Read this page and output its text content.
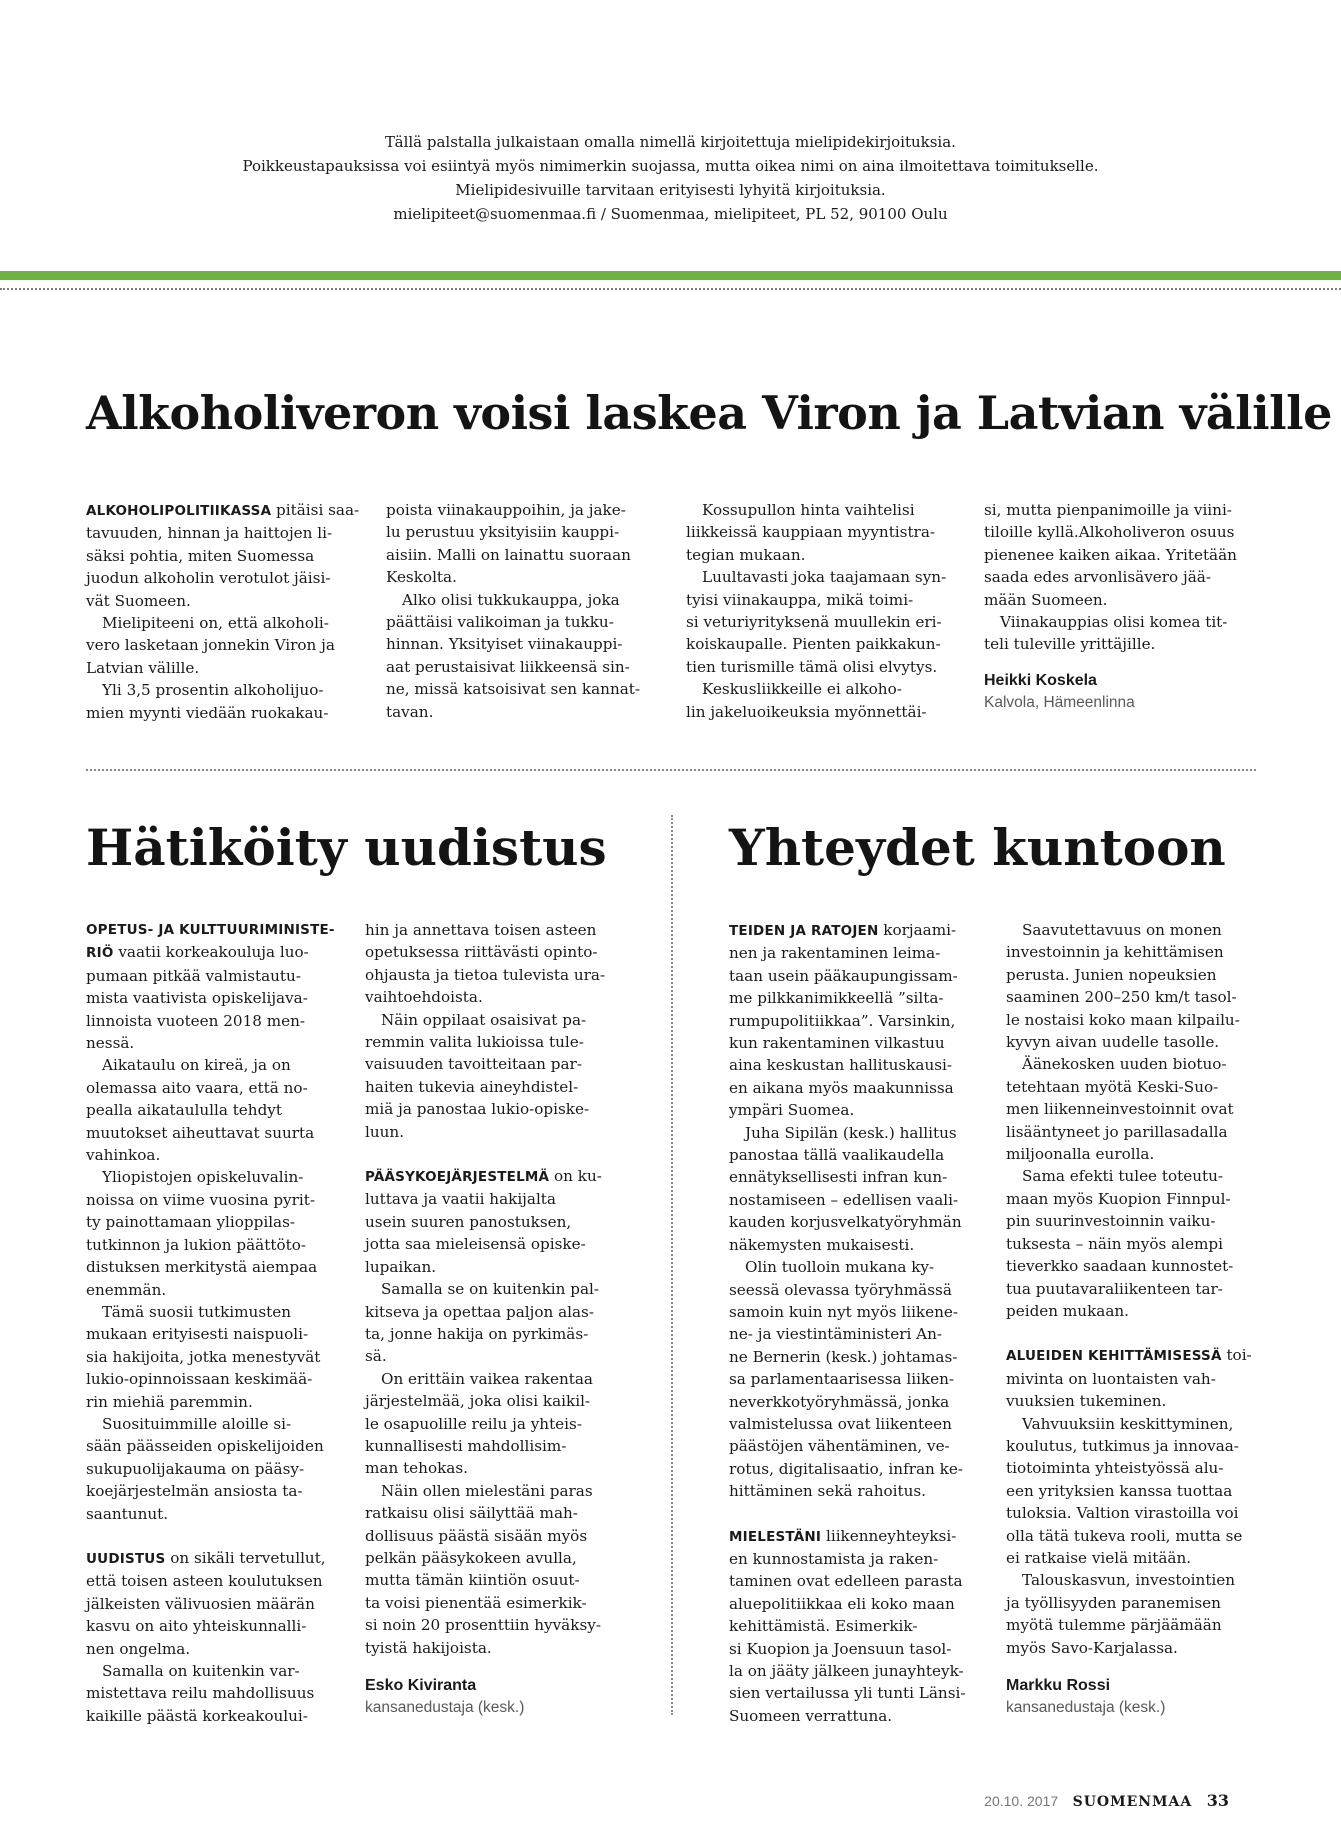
Tällä palstalla julkaistaan omalla nimellä kirjoitettuja mielipidekirjoituksia.
Poikkeustapauksissa voi esiintyä myös nimimerkin suojassa, mutta oikea nimi on aina ilmoitettava toimitukselle.
Mielipidesivuille tarvitaan erityisesti lyhyitä kirjoituksia.
mielipiteet@suomenmaa.fi / Suomenmaa, mielipiteet, PL 52, 90100 Oulu
Alkoholiveron voisi laskea Viron ja Latvian välille
ALKOHOLIPOLITIIKASSA pitäisi saa-
tavuuden, hinnan ja haittojen li-
säksi pohtia, miten Suomessa
juodun alkoholin verotulot jäisi-
vät Suomeen.
Mielipiteeni on, että alkoholi-
vero lasketaan jonnekin Viron ja
Latvian välille.
Yli 3,5 prosentin alkoholijuo-
mien myynti viedään ruokakau-
poista viinakauppoihin, ja jake-
lu perustuu yksityisiin kauppi-
aisiin. Malli on lainattu suoraan
Keskolta.
Alko olisi tukkukauppa, joka
päättäisi valikoiman ja tukku-
hinnan. Yksityiset viinakauppi-
aat perustaisivat liikkeensä sin-
ne, missä katsoisivat sen kannat-
tavan.
Kossupullon hinta vaihtelisi
liikkeissä kauppiaan myyntistra-
tegian mukaan.
Luultavasti joka taajamaan syn-
tyisi viinakauppa, mikä toimi-
si veturiyrityksenä muullekin eri-
koiskaupalle. Pienten paikkakun-
tien turismille tämä olisi elvytys.
Keskusliikkeille ei alkoho-
lin jakeluoikeuksia myönnettäi-
si, mutta pienpanimoille ja viini-
tiloille kyllä.Alkoholiveron osuus
pienenee kaiken aikaa. Yritetään
saada edes arvonlisävero jää-
mään Suomeen.
Viinakauppias olisi komea tit-
teli tuleville yrittäjille.
Heikki Koskela
Kalvola, Hämeenlinna
Hätiköity uudistus
OPETUS- JA KULTTUURIMINISTE-
RIÖ vaatii korkeakouluja luo-
pumaan pitkää valmistautu-
mista vaativista opiskelijava-
linnoista vuoteen 2018 men-
nessä.
Aikataulu on kireä, ja on
olemassa aito vaara, että no-
pealla aikataululla tehdyt
muutokset aiheuttavat suurta
vahinkoa.
Yliopistojen opiskeluvalin-
noissa on viime vuosina pyrit-
ty painottamaan ylioppilas-
tutkinnon ja lukion päättöto-
distuksen merkitystä aiempaa
enemmän.
Tämä suosii tutkimusten
mukaan erityisesti naispuoli-
sia hakijoita, jotka menestyvät
lukio-opinnoissaan keskimää-
rin miehiä paremmin.
Suosituimmille aloille si-
sään päässeiden opiskelijoiden
sukupuolijakauma on pääsy-
koejärjestelmän ansiosta ta-
saantunut.
UUDISTUS on sikäli tervetullut,
että toisen asteen koulutuksen
jälkeisten välivuosien määrän
kasvu on aito yhteiskunnalli-
nen ongelma.
Samalla on kuitenkin var-
mistettava reilu mahdollisuus
kaikille päästä korkeakoului-
hin ja annettava toisen asteen
opetuksessa riittävästi opinto-
ohjausta ja tietoa tulevista ura-
vaihtoehdoista.
Näin oppilaat osaisivat pa-
remmin valita lukioissa tule-
vaisuuden tavoitteitaan par-
haiten tukevia aineyhdistel-
miä ja panostaa lukio-opiske-
luun.
PÄÄSYKOEJÄRJESTELMÄ on ku-
luttava ja vaatii hakijalta
usein suuren panostuksen,
jotta saa mieleisensä opiske-
lupaikan.
Samalla se on kuitenkin pal-
kitseva ja opettaa paljon alas-
ta, jonne hakija on pyrkimäs-
sä.
On erittäin vaikea rakentaa
järjestelmää, joka olisi kaikil-
le osapuolille reilu ja yhteis-
kunnallisesti mahdollisim-
man tehokas.
Näin ollen mielestäni paras
ratkaisu olisi säilyttää mah-
dollisuus päästä sisään myös
pelkän pääsykokeen avulla,
mutta tämän kiintiön osuut-
ta voisi pienentää esimerkik-
si noin 20 prosenttiin hyväksy-
tyistä hakijoista.
Esko Kiviranta
kansanedustaja (kesk.)
Yhteydet kuntoon
TEIDEN JA RATOJEN korjaami-
nen ja rakentaminen leima-
taan usein pääkaupungissam-
me pilkkanimikkeellä ”silta-
rumpupolitiikkaa”. Varsinkin,
kun rakentaminen vilkastuu
aina keskustan hallituskausi-
en aikana myös maakunnissa
ympäri Suomea.
Juha Sipilän (kesk.) hallitus
panostaa tällä vaalikaudella
ennätyksellisesti infran kun-
nostamiseen – edellisen vaali-
kauden korjusvelkatyöryhmän
näkemysten mukaisesti.
Olin tuolloin mukana ky-
seessä olevassa työryhmässä
samoin kuin nyt myös liikene-
ne- ja viestintäministeri An-
ne Bernerin (kesk.) johtamas-
sa parlamentaarisessa liiken-
neverkkotyöryhmässä, jonka
valmistelussa ovat liikenteen
päästöjen vähentäminen, ve-
rotus, digitalisaatio, infran ke-
hittäminen sekä rahoitus.
MIELESTÄNI liikenneyhteyksi-
en kunnostamista ja raken-
taminen ovat edelleen parasta
aluepolitiikkaa eli koko maan
kehittämistä. Esimerkik-
si Kuopion ja Joensuun tasol-
la on jääty jälkeen junayhteyk-
sien vertailussa yli tunti Länsi-
Suomeen verrattuna.
Saavutettavuus on monen
investoinnin ja kehittämisen
perusta. Junien nopeuksien
saaminen 200–250 km/t tasol-
le nostaisi koko maan kilpailu-
kyvyn aivan uudelle tasolle.
Äänekosken uuden biotuo-
tetehtaan myötä Keski-Suo-
men liikenneinvestoinnit ovat
lisääntyneet jo parillasadalla
miljoonalla eurolla.
Sama efekti tulee toteutu-
maan myös Kuopion Finnpul-
pin suurinvestoinnin vaiku-
tuksesta – näin myös alempi
tieverkko saadaan kunnostet-
tua puutavaraliikenteen tar-
peiden mukaan.
ALUEIDEN KEHITTÄMISESSÄ toi-
mivinta on luontaisten vah-
vuuksien tukeminen.
Vahvuuksiin keskittyminen,
koulutus, tutkimus ja innovaa-
tiotoiminta yhteistyössä alu-
een yrityksien kanssa tuottaa
tuloksia. Valtion virastoilla voi
olla tätä tukeva rooli, mutta se
ei ratkaise vielä mitään.
Talouskasvun, investointien
ja työllisyyden paranemisen
myötä tulemme pärjäämään
myös Savo-Karjalassa.
Markku Rossi
kansanedustaja (kesk.)
20.10. 2017 SUOMENMAA 33
